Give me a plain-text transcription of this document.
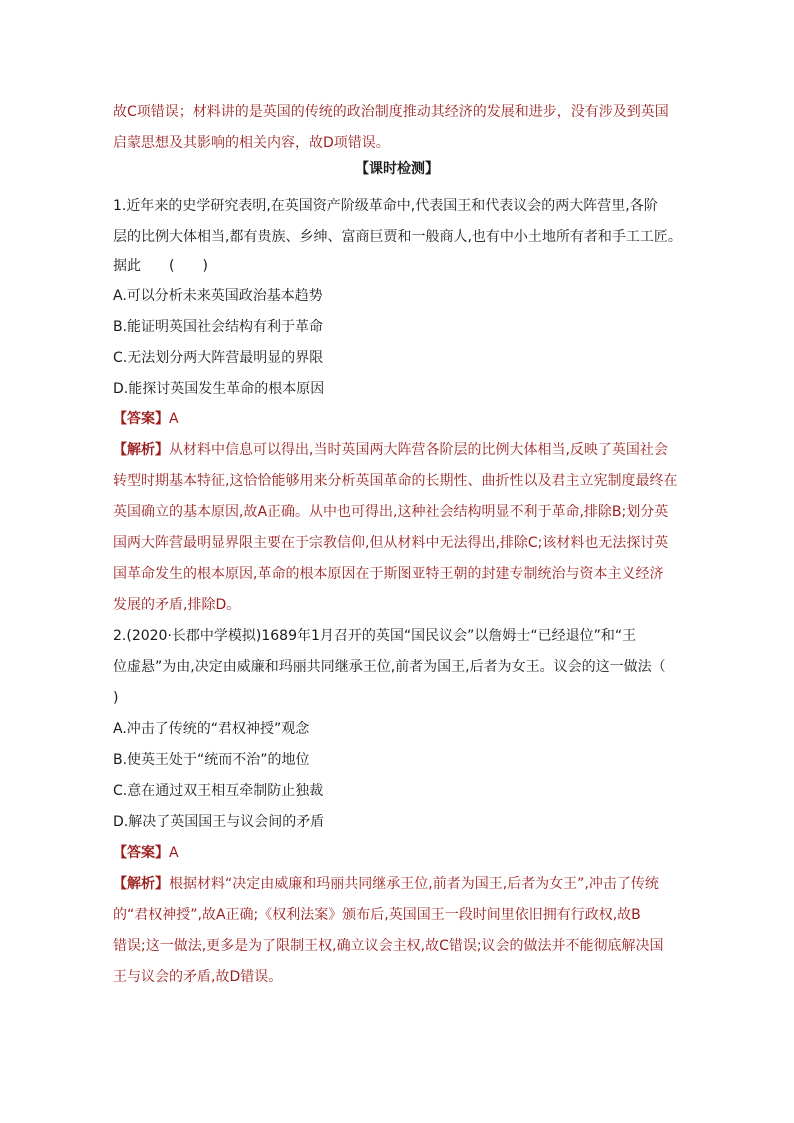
故C项错误；材料讲的是英国的传统的政治制度推动其经济的发展和进步，没有涉及到英国
启蒙思想及其影响的相关内容，故D项错误。
【课时检测】
1.近年来的史学研究表明,在英国资产阶级革命中,代表国王和代表议会的两大阵营里,各阶
层的比例大体相当,都有贵族、乡绅、富商巨贾和一般商人,也有中小土地所有者和手工工匠。
据此　　(　　)
A.可以分析未来英国政治基本趋势
B.能证明英国社会结构有利于革命
C.无法划分两大阵营最明显的界限
D.能探讨英国发生革命的根本原因
【答案】A
【解析】从材料中信息可以得出,当时英国两大阵营各阶层的比例大体相当,反映了英国社会
转型时期基本特征,这恰恰能够用来分析英国革命的长期性、曲折性以及君主立宪制度最终在
英国确立的基本原因,故A正确。从中也可得出,这种社会结构明显不利于革命,排除B;划分英
国两大阵营最明显界限主要在于宗教信仰,但从材料中无法得出,排除C;该材料也无法探讨英
国革命发生的根本原因,革命的根本原因在于斯图亚特王朝的封建专制统治与资本主义经济
发展的矛盾,排除D。
2.(2020·长郡中学模拟)1689年1月召开的英国“国民议会”以詹姆士“已经退位”和“王
位虚悬”为由,决定由威廉和玛丽共同继承王位,前者为国王,后者为女王。议会的这一做法（
)
A.冲击了传统的“君权神授”观念
B.使英王处于“统而不治”的地位
C.意在通过双王相互牵制防止独裁
D.解决了英国国王与议会间的矛盾
【答案】A
【解析】根据材料“决定由威廉和玛丽共同继承王位,前者为国王,后者为女王”,冲击了传统
的“君权神授”,故A正确;《权利法案》颁布后,英国国王一段时间里依旧拥有行政权,故B
错误;这一做法,更多是为了限制王权,确立议会主权,故C错误;议会的做法并不能彻底解决国
王与议会的矛盾,故D错误。
